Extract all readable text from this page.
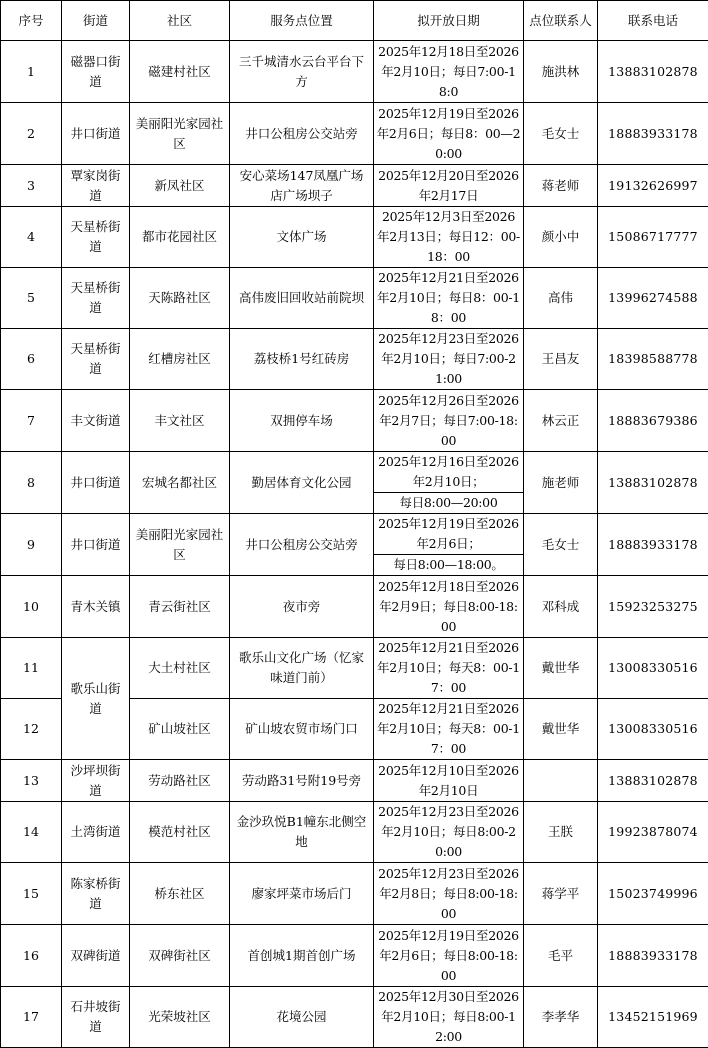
序号	街道	社区	服务点位置	拟开放日期	点位联系人	联系电话
1	磁器口街道	磁建村社区	三千城清水云台平台下方	2025年12月18日至2026年2月10日；每日7:00-18:0	施洪林	13883102878
2	井口街道	美丽阳光家园社区	井口公租房公交站旁	2025年12月19日至2026年2月6日；每日8：00—20:00	毛女士	18883933178
3	覃家岗街道	新凤社区	安心菜场147凤凰广场店广场坝子	2025年12月20日至2026年2月17日	蒋老师	19132626997
4	天星桥街道	都市花园社区	文体广场	2025年12月3日至2026年2月13日；每日12：00-18：00	颜小中	15086717777
5	天星桥街道	天陈路社区	高伟废旧回收站前院坝	2025年12月21日至2026年2月10日；每日8：00-18：00	高伟	13996274588
6	天星桥街道	红槽房社区	荔枝桥1号红砖房	2025年12月23日至2026年2月10日；每日7:00-21:00	王昌友	18398588778
7	丰文街道	丰文社区	双拥停车场	2025年12月26日至2026年2月7日；每日7:00-18:00	林云正	18883679386
8	井口街道	宏城名都社区	勤居体育文化公园	2025年12月16日至2026年2月10日；	施老师	13883102878
				每日8:00—20:00		
9	井口街道	美丽阳光家园社区	井口公租房公交站旁	2025年12月19日至2026年2月6日；	毛女士	18883933178
				每日8:00—18:00。		
10	青木关镇	青云街社区	夜市旁	2025年12月18日至2026年2月9日；每日8:00-18:00	邓科成	15923253275
11	歌乐山街道	大土村社区	歌乐山文化广场（忆家味道门前）	2025年12月21日至2026年2月10日；每天8：00-17：00	戴世华	13008330516
12		矿山坡社区	矿山坡农贸市场门口	2025年12月21日至2026年2月10日；每天8：00-17：00	戴世华	13008330516
13	沙坪坝街道	劳动路社区	劳动路31号附19号旁	2025年12月10日至2026年2月10日		13883102878
14	土湾街道	模范村社区	金沙玖悦B1幢东北侧空地	2025年12月23日至2026年2月10日；每日8:00-20:00	王朕	19923878074
15	陈家桥街道	桥东社区	廖家坪菜市场后门	2025年12月23日至2026年2月8日；每日8:00-18:00	蒋学平	15023749996
16	双碑街道	双碑街社区	首创城1期首创广场	2025年12月19日至2026年2月6日；每日8:00-18:00	毛平	18883933178
17	石井坡街道	光荣坡社区	花境公园	2025年12月30日至2026年2月10日；每日8:00-12:00	李孝华	13452151969
